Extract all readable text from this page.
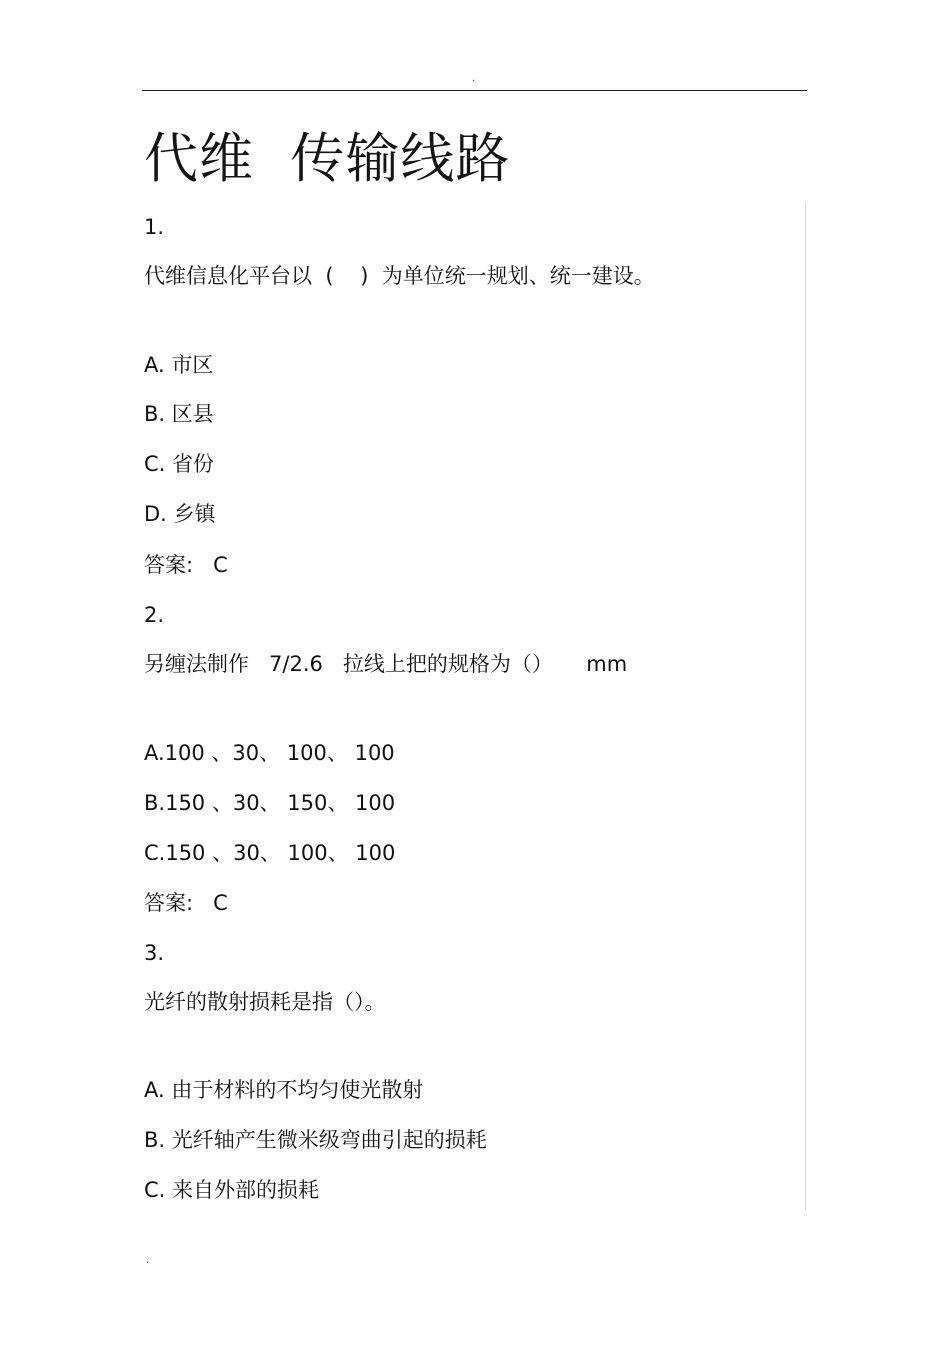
.
代维  传输线路
1.
代维信息化平台以  (    )  为单位统一规划、统一建设。
A. 市区
B. 区县
C. 省份
D. 乡镇
答案:   C
2.
另缠法制作   7/2.6   拉线上把的规格为（）     mm
A.100 、30、 100、 100
B.150 、30、 150、 100
C.150 、30、 100、 100
答案:   C
3.
光纤的散射损耗是指（）。
A. 由于材料的不均匀使光散射
B. 光纤轴产生微米级弯曲引起的损耗
C. 来自外部的损耗
.
